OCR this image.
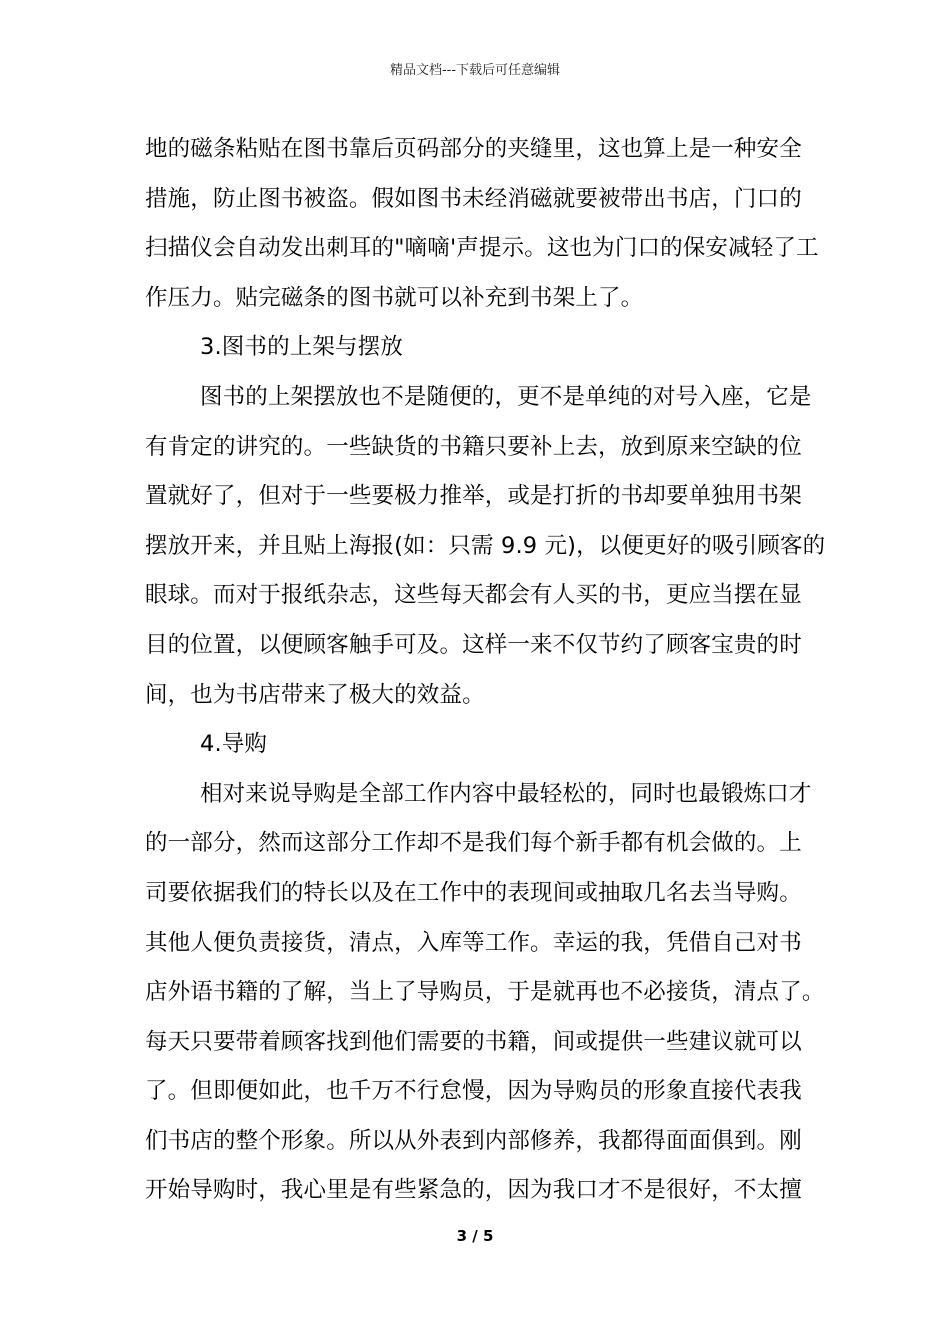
精品文档---下载后可任意编辑
地的磁条粘贴在图书靠后页码部分的夹缝里，这也算上是一种安全
措施，防止图书被盗。假如图书未经消磁就要被带出书店，门口的
扫描仪会自动发出刺耳的"嘀嘀'声提示。这也为门口的保安减轻了工
作压力。贴完磁条的图书就可以补充到书架上了。
3.图书的上架与摆放
图书的上架摆放也不是随便的，更不是单纯的对号入座，它是
有肯定的讲究的。一些缺货的书籍只要补上去，放到原来空缺的位
置就好了，但对于一些要极力推举，或是打折的书却要单独用书架
摆放开来，并且贴上海报(如：只需 9.9 元)，以便更好的吸引顾客的
眼球。而对于报纸杂志，这些每天都会有人买的书，更应当摆在显
目的位置，以便顾客触手可及。这样一来不仅节约了顾客宝贵的时
间，也为书店带来了极大的效益。
4.导购
相对来说导购是全部工作内容中最轻松的，同时也最锻炼口才
的一部分，然而这部分工作却不是我们每个新手都有机会做的。上
司要依据我们的特长以及在工作中的表现间或抽取几名去当导购。
其他人便负责接货，清点，入库等工作。幸运的我，凭借自己对书
店外语书籍的了解，当上了导购员，于是就再也不必接货，清点了。
每天只要带着顾客找到他们需要的书籍，间或提供一些建议就可以
了。但即便如此，也千万不行怠慢，因为导购员的形象直接代表我
们书店的整个形象。所以从外表到内部修养，我都得面面俱到。刚
开始导购时，我心里是有些紧急的，因为我口才不是很好，不太擅
3 / 5
